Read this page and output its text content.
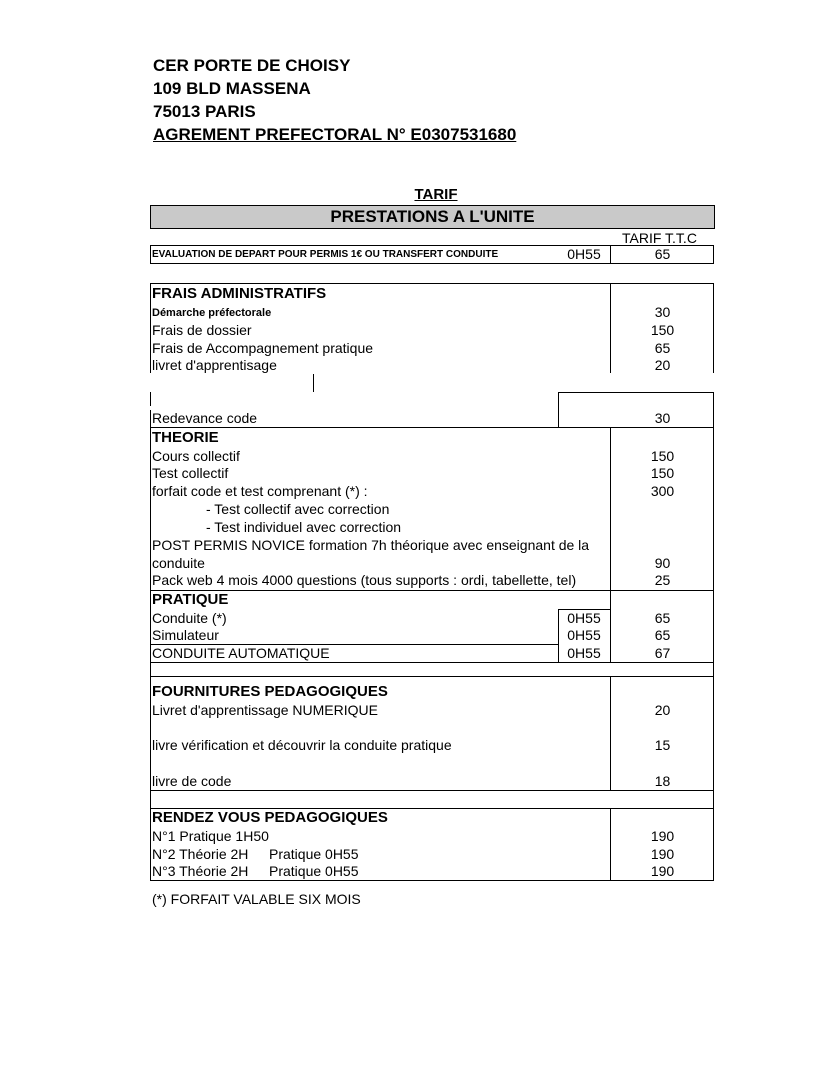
CER PORTE DE CHOISY
109 BLD MASSENA
75013 PARIS
AGREMENT PREFECTORAL N° E0307531680
TARIF
PRESTATIONS A L'UNITE
TARIF T.T.C
EVALUATION DE DEPART POUR PERMIS 1€ OU TRANSFERT CONDUITE	0H55	65
FRAIS ADMINISTRATIFS
Démarche préfectorale	30
Frais de dossier	150
Frais de Accompagnement pratique	65
livret d'apprentisage	20
Redevance code	30
THEORIE
Cours collectif	150
Test collectif	150
forfait code et test comprenant (*) :	300
- Test collectif avec correction
- Test individuel avec correction
POST PERMIS NOVICE formation 7h théorique avec enseignant de la
conduite	90
Pack web 4 mois 4000 questions (tous supports : ordi, tabellette, tel)	25
PRATIQUE
Conduite (*)	0H55	65
Simulateur	0H55	65
CONDUITE AUTOMATIQUE	0H55	67
FOURNITURES PEDAGOGIQUES
Livret d'apprentissage NUMERIQUE	20
livre vérification et découvrir la conduite pratique	15
livre de code	18
RENDEZ VOUS PEDAGOGIQUES
N°1 Pratique 1H50	190
N°2 Théorie 2H Pratique 0H55	190
N°3 Théorie 2H Pratique 0H55	190
(*) FORFAIT VALABLE SIX MOIS
